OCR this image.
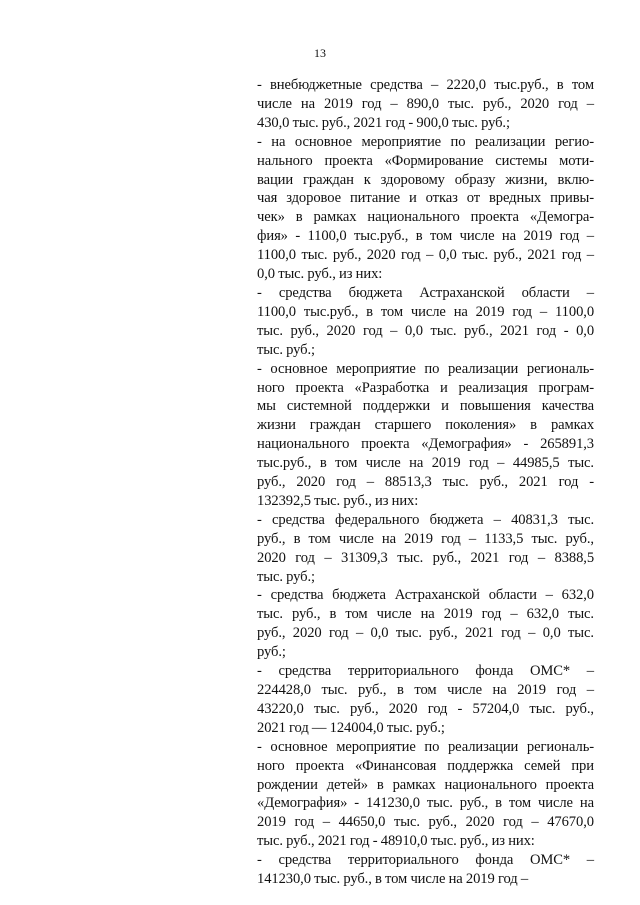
13
- внебюджетные средства – 2220,0 тыс.руб., в том
числе на 2019 год – 890,0 тыс. руб., 2020 год –
430,0 тыс. руб., 2021 год - 900,0 тыс. руб.;
- на основное мероприятие по реализации регио-
нального проекта «Формирование системы моти-
вации граждан к здоровому образу жизни, вклю-
чая здоровое питание и отказ от вредных привы-
чек» в рамках национального проекта «Демогра-
фия» - 1100,0 тыс.руб., в том числе на 2019 год –
1100,0 тыс. руб., 2020 год – 0,0 тыс. руб., 2021 год –
0,0 тыс. руб., из них:
- средства бюджета Астраханской области –
1100,0 тыс.руб., в том числе на 2019 год – 1100,0
тыс. руб., 2020 год – 0,0 тыс. руб., 2021 год - 0,0
тыс. руб.;
- основное мероприятие по реализации региональ-
ного проекта «Разработка и реализация програм-
мы системной поддержки и повышения качества
жизни граждан старшего поколения» в рамках
национального проекта «Демография» - 265891,3
тыс.руб., в том числе на 2019 год – 44985,5 тыс.
руб., 2020 год – 88513,3 тыс. руб., 2021 год -
132392,5 тыс. руб., из них:
- средства федерального бюджета – 40831,3 тыс.
руб., в том числе на 2019 год – 1133,5 тыс. руб.,
2020 год – 31309,3 тыс. руб., 2021 год – 8388,5
тыс. руб.;
- средства бюджета Астраханской области – 632,0
тыс. руб., в том числе на 2019 год – 632,0 тыс.
руб., 2020 год – 0,0 тыс. руб., 2021 год – 0,0 тыс.
руб.;
- средства территориального фонда ОМС* –
224428,0 тыс. руб., в том числе на 2019 год –
43220,0 тыс. руб., 2020 год - 57204,0 тыс. руб.,
2021 год — 124004,0 тыс. руб.;
- основное мероприятие по реализации региональ-
ного проекта «Финансовая поддержка семей при
рождении детей» в рамках национального проекта
«Демография» - 141230,0 тыс. руб., в том числе на
2019 год – 44650,0 тыс. руб., 2020 год – 47670,0
тыс. руб., 2021 год - 48910,0 тыс. руб., из них:
- средства территориального фонда ОМС* –
141230,0 тыс. руб., в том числе на 2019 год –
